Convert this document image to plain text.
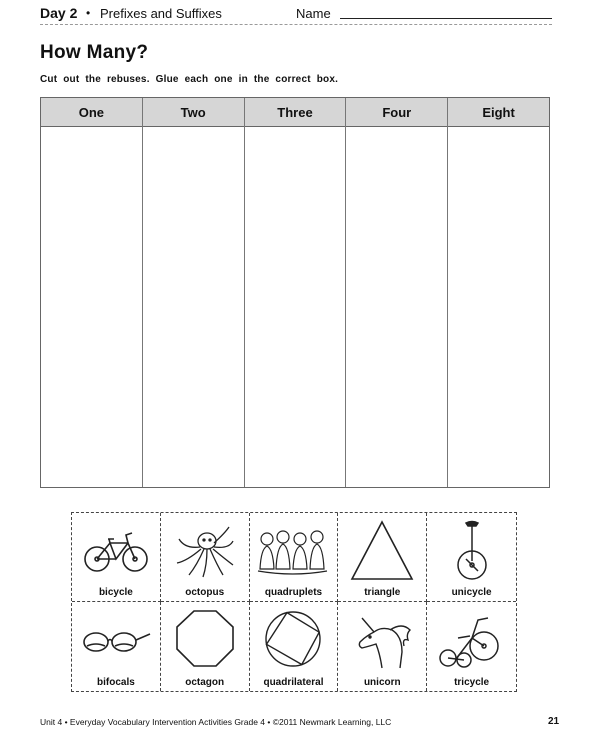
Day 2 • Prefixes and Suffixes	Name
How Many?
Cut out the rebuses. Glue each one in the correct box.
One	Two	Three	Four	Eight
bicycle	octopus	quadruplets	triangle	unicycle
bifocals	octagon	quadrilateral	unicorn	tricycle
Unit 4 • Everyday Vocabulary Intervention Activities Grade 4 • ©2011 Newmark Learning, LLC	21
